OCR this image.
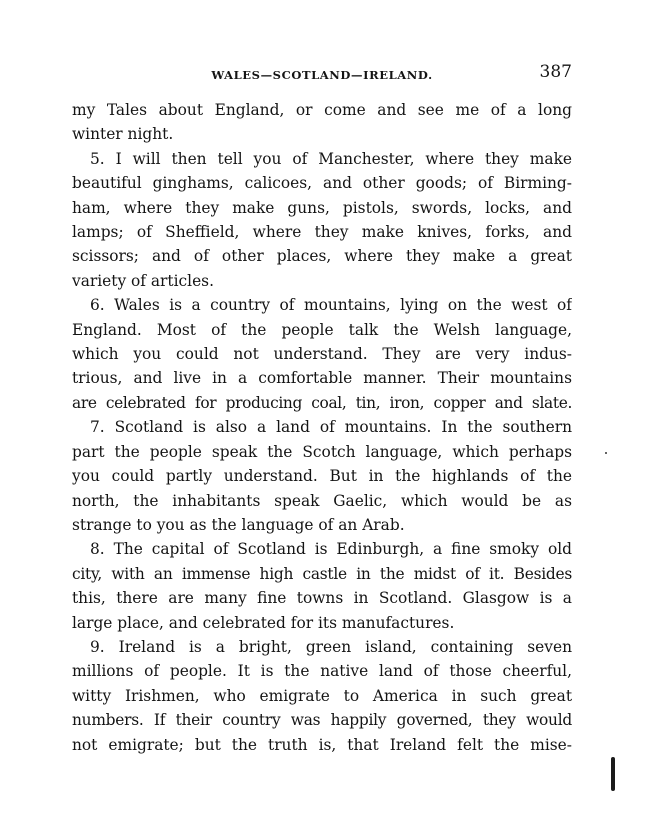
WALES—SCOTLAND—IRELAND.	387

my Tales about England, or come and see me of a long
winter night.

5. I will then tell you of Manchester, where they make
beautiful ginghams, calicoes, and other goods; of Birming-
ham, where they make guns, pistols, swords, locks, and
lamps; of Sheffield, where they make knives, forks, and
scissors; and of other places, where they make a great
variety of articles.

6. Wales is a country of mountains, lying on the west of
England. Most of the people talk the Welsh language,
which you could not understand. They are very indus-
trious, and live in a comfortable manner. Their mountains
are celebrated for producing coal, tin, iron, copper and slate.

7. Scotland is also a land of mountains. In the southern
part the people speak the Scotch language, which perhaps
you could partly understand. But in the highlands of the
north, the inhabitants speak Gaelic, which would be as
strange to you as the language of an Arab.

8. The capital of Scotland is Edinburgh, a fine smoky old
city, with an immense high castle in the midst of it. Besides
this, there are many fine towns in Scotland. Glasgow is a
large place, and celebrated for its manufactures.

9. Ireland is a bright, green island, containing seven
millions of people. It is the native land of those cheerful,
witty Irishmen, who emigrate to America in such great
numbers. If their country was happily governed, they would
not emigrate; but the truth is, that Ireland felt the mise-
